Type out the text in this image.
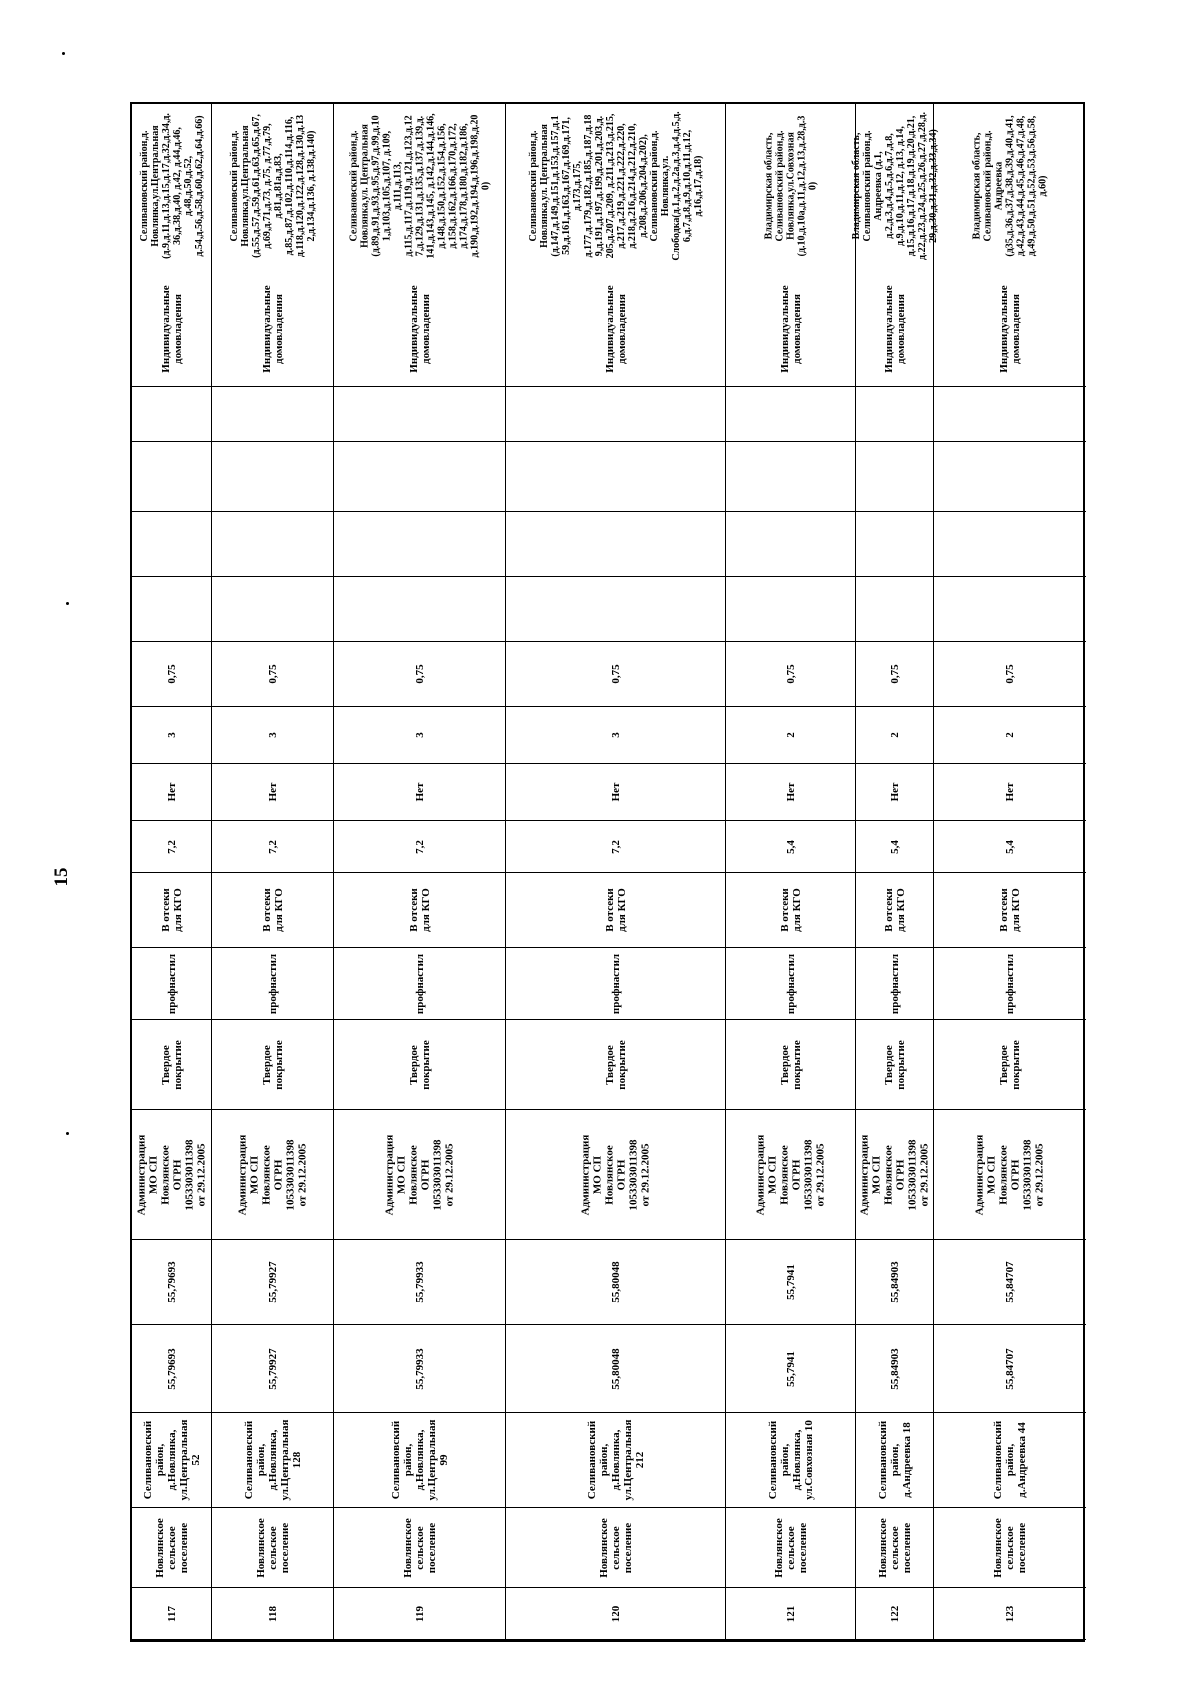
15
117
Новлянское
сельское
поселение
Селивановский
район,
д.Новлянка,
ул.Центральная
52
55,79693
55,79693
Администрация
МО СП
Новлянское
ОГРН
1053303011398
от 29.12.2005
Твердое
покрытие
профнастил
В отсеки
для КГО
7,2
Нет
3
0,75
Индивидуальные
домовладения
Селивановский район,д.
Новлянка,ул.Центральная
(д.9,д.11,д.13,д.15,д.17,д.32,д.34,д.
36,д.38,д.40, д.42, д.44,д.46,
д.48,д.50,д.52,
д.54,д.56,д.58,д.60,д.62,д.64,д.66)
118
Новлянское
сельское
поселение
Селивановский
район,
д.Новлянка,
ул.Центральная
128
55,79927
55,79927
Администрация
МО СП
Новлянское
ОГРН
1053303011398
от 29.12.2005
Твердое
покрытие
профнастил
В отсеки
для КГО
7,2
Нет
3
0,75
Индивидуальные
домовладения
Селивановский район,д.
Новлянка,ул.Центральная
(д.55,д.57,д.59,д.61,д.63,д.65,д.67,
д.69,д.71,д.73, д.75, д.77,д.79,
д.81,д.81а,д.83,
д.85,д.87,д.102,д.110,д.114,д.116,
д.118,д.120,д.122,д.128,д.130,д.13
2,д.134,д.136, д.138,д.140)
119
Новлянское
сельское
поселение
Селивановский
район,
д.Новлянка,
ул.Центральная
99
55,79933
55,79933
Администрация
МО СП
Новлянское
ОГРН
1053303011398
от 29.12.2005
Твердое
покрытие
профнастил
В отсеки
для КГО
7,2
Нет
3
0,75
Индивидуальные
домовладения
Селивановский район,д.
Новлянка,ул. Центральная
(д.89,д.91,д.93,д.95,д.97,д.99,д.10
1,д.103,д.105,д.107, д.109,
д.111,д.113,
д.115,д.117,д.119,д.121,д.123,д.12
7,д.129,д.131,д.135,д.137,д.139,д.
141,д.143,д.145, д.142,д.144,д.146,
д.148,д.150,д.152,д.154,д.156,
д.158,д.162,д.166,д.170,д.172,
д.174,д.178,д.180,д.182,д.186,
д.190,д.192,д.194,д.196,д.198,д.20
0)
120
Новлянское
сельское
поселение
Селивановский
район,
д.Новлянка,
ул.Центральная
212
55,80048
55,80048
Администрация
МО СП
Новлянское
ОГРН
1053303011398
от 29.12.2005
Твердое
покрытие
профнастил
В отсеки
для КГО
7,2
Нет
3
0,75
Индивидуальные
домовладения
Селивановский район,д.
Новлянка,ул. Центральная
(д.147,д.149,д.151,д.153,д.157,д.1
59,д.161,д.163,д.167,д.169,д.171,
д.173,д.175,
д.177,д.179,д.182,д.185,д.187,д.18
9,д.191,д.197,д.199,д.201,д.203,д.
205,д.207,д.209, д.211,д.213,д.215,
д.217,д.219,д.221,д.222,д.220,
д.218,д.216,д.214,д.212,д.210,
д.208,д.206,д.204,д.202),
Селивановский район,д.
Новлянка,ул.
Слободка(д.1,д.2,д.2а,д.3,д.4,д.5,д.
6,д.7,д.8,д.9,д.10,д.11,д.12,
д.16,д.17,д.18)
121
Новлянское
сельское
поселение
Селивановский
район,
д.Новлянка,
ул.Совхозная 10
55,7941
55,7941
Администрация
МО СП
Новлянское
ОГРН
1053303011398
от 29.12.2005
Твердое
покрытие
профнастил
В отсеки
для КГО
5,4
Нет
2
0,75
Индивидуальные
домовладения
Владимирская область,
Селивановский район,д.
Новлянка,ул.Совхозная
(д.10,д.10а,д.11,д.12,д.13,д.28,д.3
0)
122
Новлянское
сельское
поселение
Селивановский
район,
д.Андреевка 18
55,84903
55,84903
Администрация
МО СП
Новлянское
ОГРН
1053303011398
от 29.12.2005
Твердое
покрытие
профнастил
В отсеки
для КГО
5,4
Нет
2
0,75
Индивидуальные
домовладения
Владимирская область,
Селивановский район,д.
Андреевка (д.1,
д.2,д.3,д.4,д.5,д.6,д.7,д.8,
д.9,д.10,д.11,д.12, д.13, д.14,
д.15,д.16,д.17,д.18,д.19,д.20,д.21,
д.22,д.23,д.24,д.25,д.26,д.27,д.28,д.
29,д.30,д.31,д.32,д.33,д.34)
123
Новлянское
сельское
поселение
Селивановский
район,
д.Андреевка 44
55,84707
55,84707
Администрация
МО СП
Новлянское
ОГРН
1053303011398
от 29.12.2005
Твердое
покрытие
профнастил
В отсеки
для КГО
5,4
Нет
2
0,75
Индивидуальные
домовладения
Владимирская область,
Селивановский район,д.
Андреевка
(д35,д.36,д.37,д.38,д.39,д.40,д.41,
д.42,д.43,д.44,д.45,д.46,д.47,д.48,
д.49,д.50,д.51,д.52,д.53,д.56,д.58,
д.60)
